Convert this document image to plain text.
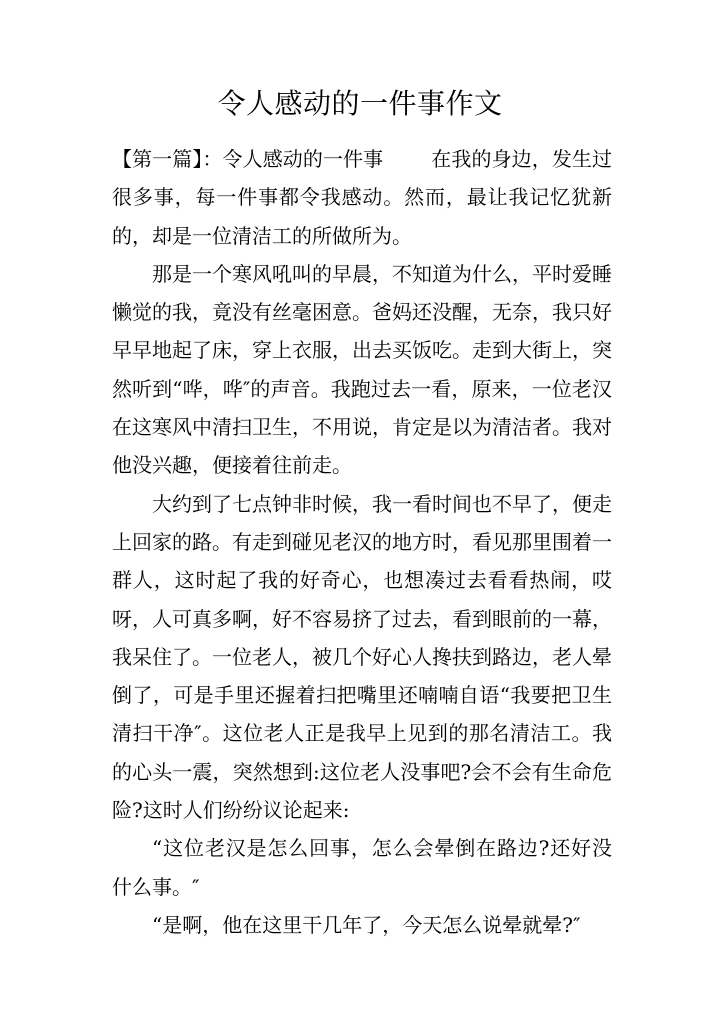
令人感动的一件事作文

【第一篇】：令人感动的一件事 在我的身边，发生过很多事，每一件事都令我感动。然而，最让我记忆犹新的，却是一位清洁工的所做所为。

那是一个寒风吼叫的早晨，不知道为什么，平时爱睡懒觉的我，竟没有丝毫困意。爸妈还没醒，无奈，我只好早早地起了床，穿上衣服，出去买饭吃。走到大街上，突然听到“哗，哗″的声音。我跑过去一看，原来，一位老汉在这寒风中清扫卫生，不用说，肯定是以为清洁者。我对他没兴趣，便接着往前走。

大约到了七点钟非时候，我一看时间也不早了，便走上回家的路。有走到碰见老汉的地方时，看见那里围着一群人，这时起了我的好奇心，也想凑过去看看热闹，哎呀，人可真多啊，好不容易挤了过去，看到眼前的一幕，我呆住了。一位老人，被几个好心人搀扶到路边，老人晕倒了，可是手里还握着扫把嘴里还喃喃自语“我要把卫生清扫干净″。这位老人正是我早上见到的那名清洁工。我的心头一震，突然想到:这位老人没事吧?会不会有生命危险?这时人们纷纷议论起来:

“这位老汉是怎么回事，怎么会晕倒在路边?还好没什么事。″

“是啊，他在这里干几年了，今天怎么说晕就晕?″
